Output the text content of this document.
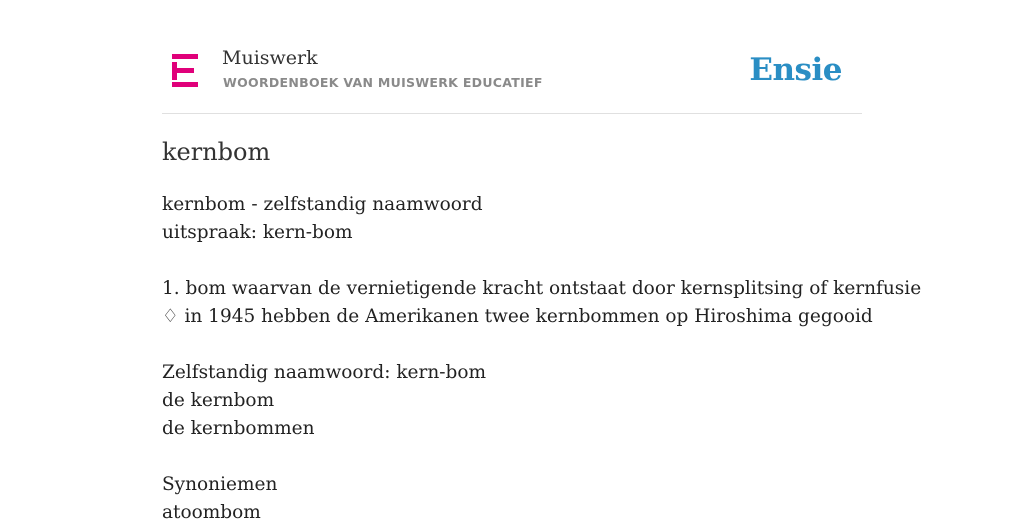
Muiswerk
WOORDENBOEK VAN MUISWERK EDUCATIEF	Ensie
kernbom
kernbom - zelfstandig naamwoord
uitspraak: kern-bom
1. bom waarvan de vernietigende kracht ontstaat door kernsplitsing of kernfusie
♢ in 1945 hebben de Amerikanen twee kernbommen op Hiroshima gegooid
Zelfstandig naamwoord: kern-bom
de kernbom
de kernbommen
Synoniemen
atoombom
